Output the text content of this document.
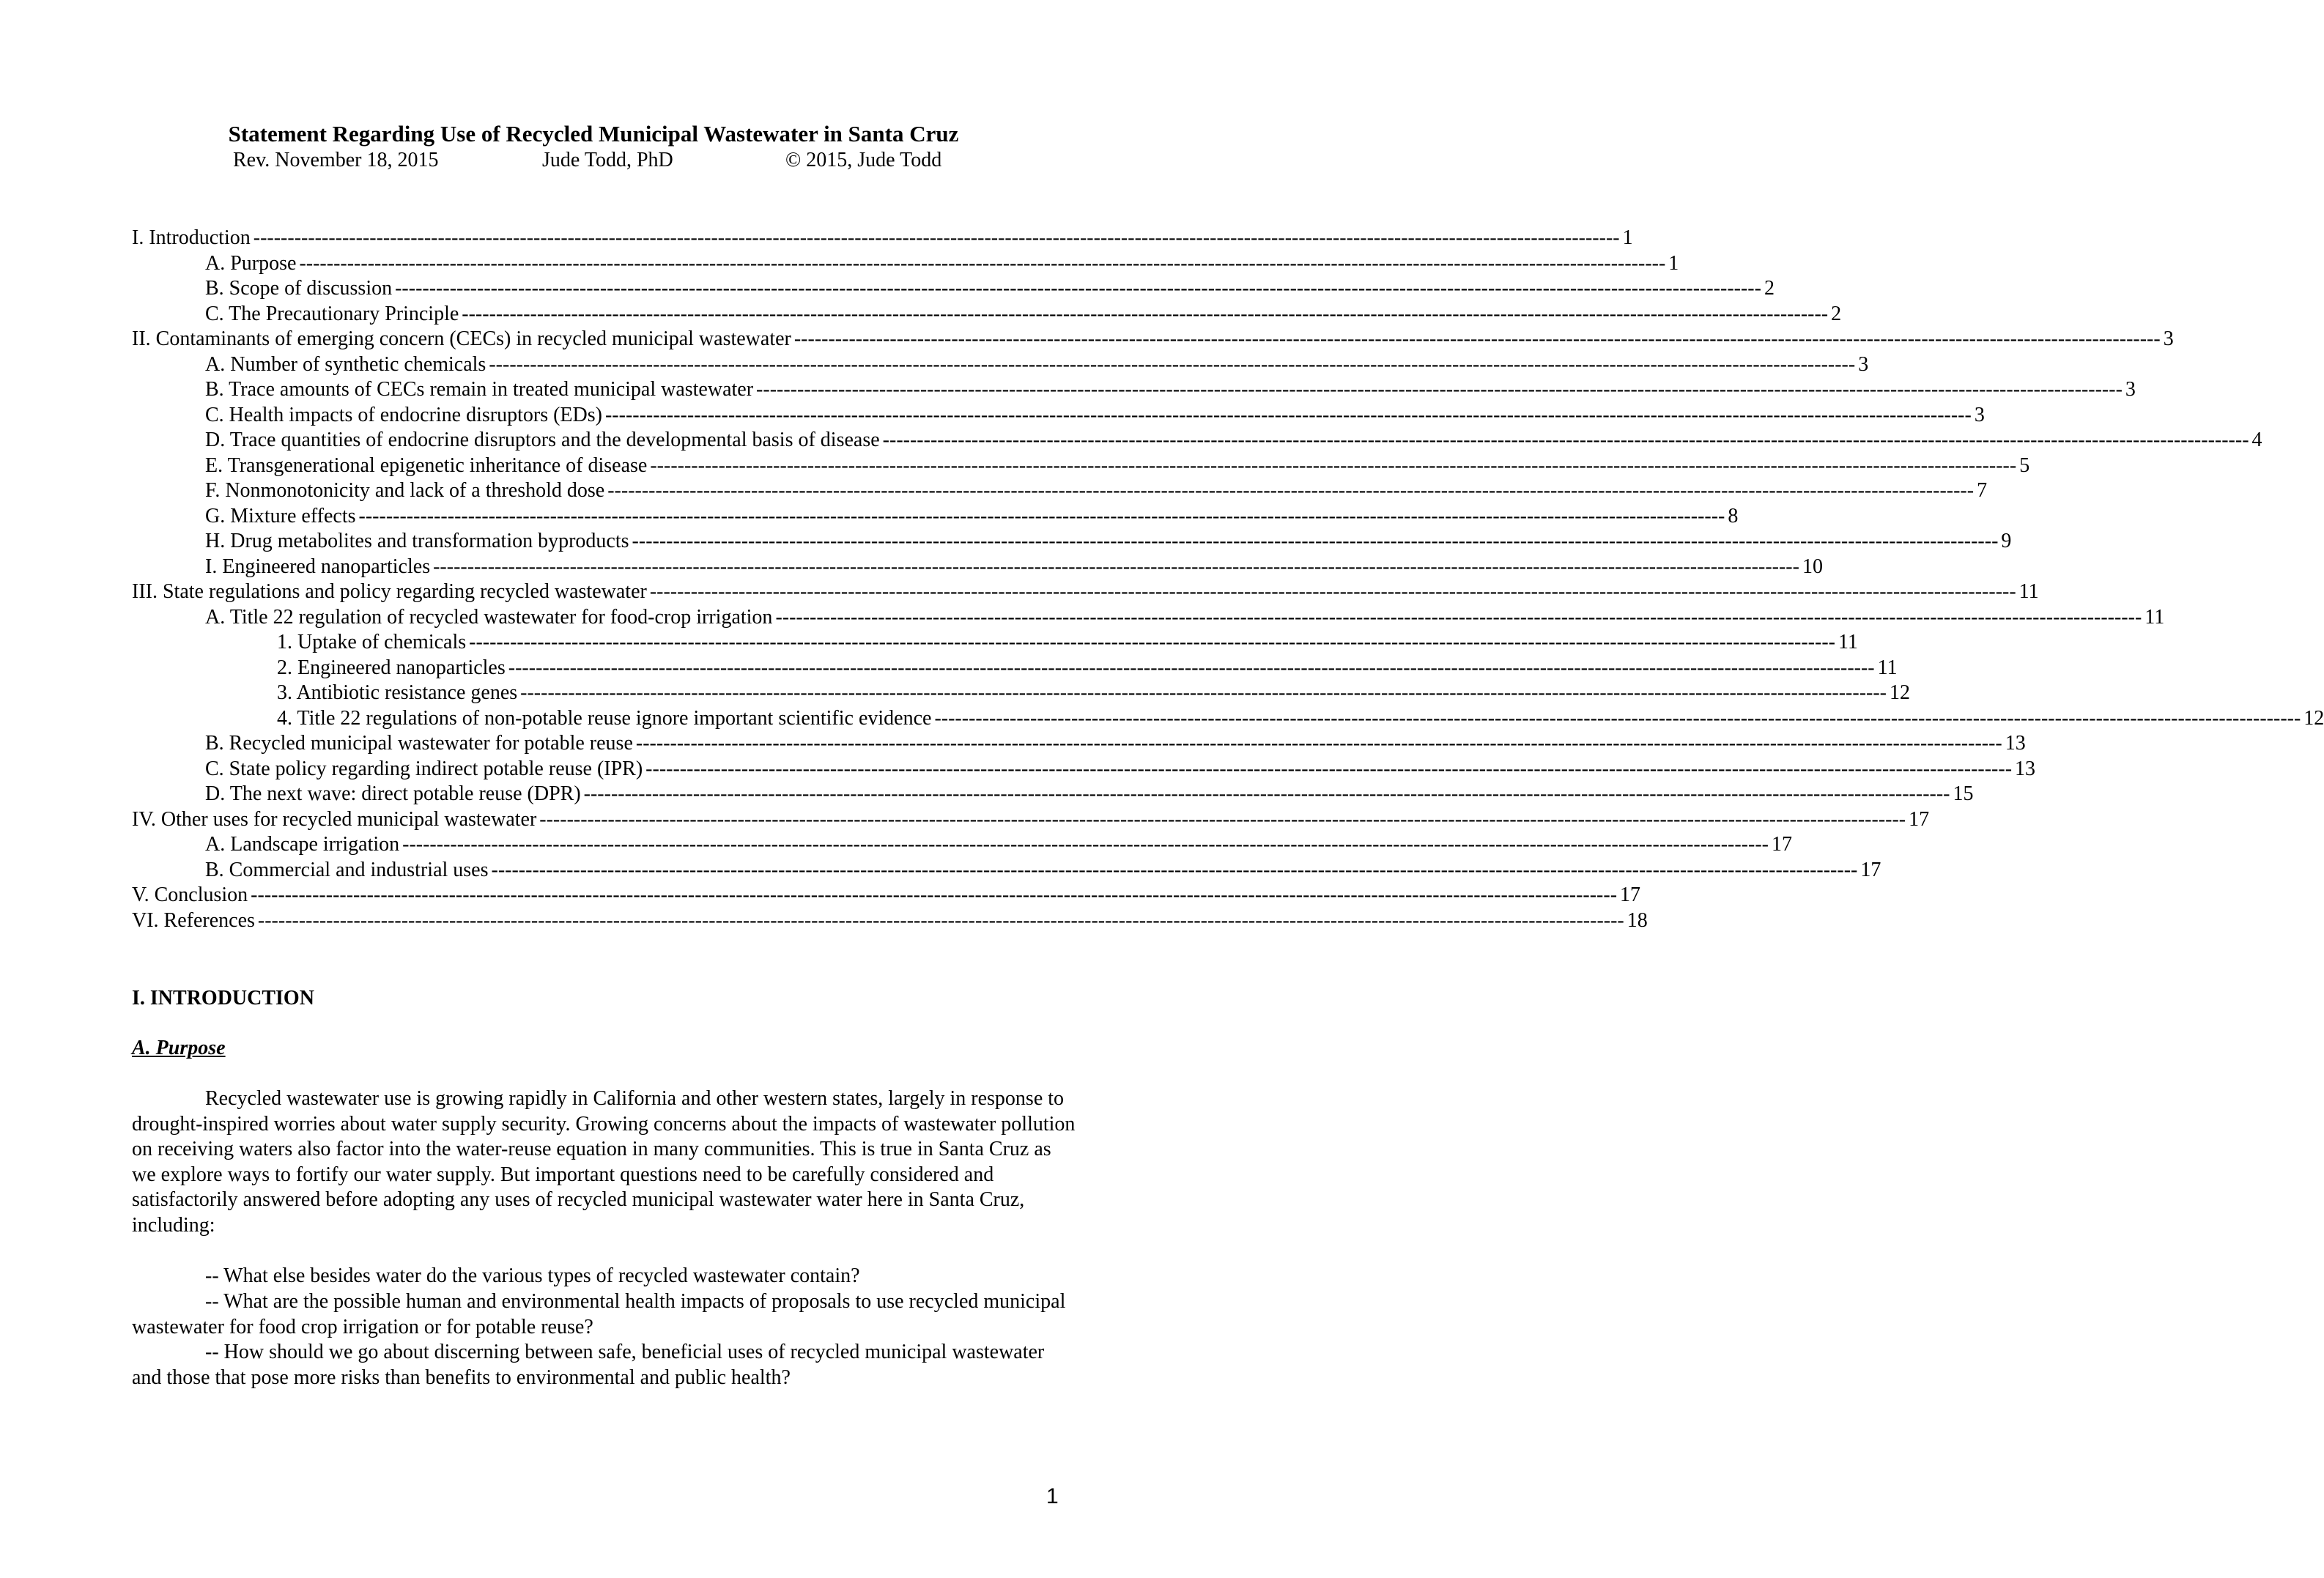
Statement Regarding Use of Recycled Municipal Wastewater in Santa Cruz
Rev. November 18, 2015	Jude Todd, PhD	© 2015, Jude Todd
I. Introduction -------------------------------------------------------------------------------------------------------------------------------------------------------------------------------------------------------- 1
A. Purpose -------------------------------------------------------------------------------------------------------------------------------------------------------------------------------------------------------- 1
B. Scope of discussion -------------------------------------------------------------------------------------------------------------------------------------------------------------------------------------------------------- 2
C. The Precautionary Principle -------------------------------------------------------------------------------------------------------------------------------------------------------------------------------------------------------- 2
II. Contaminants of emerging concern (CECs) in recycled municipal wastewater -------------------------------------------------------------------------------------------------------------------------------------------------------------------------------------------------------- 3
A. Number of synthetic chemicals -------------------------------------------------------------------------------------------------------------------------------------------------------------------------------------------------------- 3
B. Trace amounts of CECs remain in treated municipal wastewater -------------------------------------------------------------------------------------------------------------------------------------------------------------------------------------------------------- 3
C. Health impacts of endocrine disruptors (EDs) -------------------------------------------------------------------------------------------------------------------------------------------------------------------------------------------------------- 3
D. Trace quantities of endocrine disruptors and the developmental basis of disease -------------------------------------------------------------------------------------------------------------------------------------------------------------------------------------------------------- 4
E. Transgenerational epigenetic inheritance of disease -------------------------------------------------------------------------------------------------------------------------------------------------------------------------------------------------------- 5
F. Nonmonotonicity and lack of a threshold dose -------------------------------------------------------------------------------------------------------------------------------------------------------------------------------------------------------- 7
G. Mixture effects -------------------------------------------------------------------------------------------------------------------------------------------------------------------------------------------------------- 8
H. Drug metabolites and transformation byproducts -------------------------------------------------------------------------------------------------------------------------------------------------------------------------------------------------------- 9
I. Engineered nanoparticles -------------------------------------------------------------------------------------------------------------------------------------------------------------------------------------------------------- 10
III. State regulations and policy regarding recycled wastewater -------------------------------------------------------------------------------------------------------------------------------------------------------------------------------------------------------- 11
A. Title 22 regulation of recycled wastewater for food-crop irrigation -------------------------------------------------------------------------------------------------------------------------------------------------------------------------------------------------------- 11
1. Uptake of chemicals -------------------------------------------------------------------------------------------------------------------------------------------------------------------------------------------------------- 11
2. Engineered nanoparticles -------------------------------------------------------------------------------------------------------------------------------------------------------------------------------------------------------- 11
3. Antibiotic resistance genes -------------------------------------------------------------------------------------------------------------------------------------------------------------------------------------------------------- 12
4. Title 22 regulations of non-potable reuse ignore important scientific evidence -------------------------------------------------------------------------------------------------------------------------------------------------------------------------------------------------------- 12
B. Recycled municipal wastewater for potable reuse -------------------------------------------------------------------------------------------------------------------------------------------------------------------------------------------------------- 13
C. State policy regarding indirect potable reuse (IPR) -------------------------------------------------------------------------------------------------------------------------------------------------------------------------------------------------------- 13
D. The next wave: direct potable reuse (DPR) -------------------------------------------------------------------------------------------------------------------------------------------------------------------------------------------------------- 15
IV. Other uses for recycled municipal wastewater -------------------------------------------------------------------------------------------------------------------------------------------------------------------------------------------------------- 17
A. Landscape irrigation -------------------------------------------------------------------------------------------------------------------------------------------------------------------------------------------------------- 17
B. Commercial and industrial uses -------------------------------------------------------------------------------------------------------------------------------------------------------------------------------------------------------- 17
V. Conclusion -------------------------------------------------------------------------------------------------------------------------------------------------------------------------------------------------------- 17
VI. References -------------------------------------------------------------------------------------------------------------------------------------------------------------------------------------------------------- 18
I. INTRODUCTION
A. Purpose

Recycled wastewater use is growing rapidly in California and other western states, largely in response to drought-inspired worries about water supply security. Growing concerns about the impacts of wastewater pollution on receiving waters also factor into the water-reuse equation in many communities. This is true in Santa Cruz as we explore ways to fortify our water supply. But important questions need to be carefully considered and satisfactorily answered before adopting any uses of recycled municipal wastewater water here in Santa Cruz, including:

-- What else besides water do the various types of recycled wastewater contain?

-- What are the possible human and environmental health impacts of proposals to use recycled municipal wastewater for food crop irrigation or for potable reuse?

-- How should we go about discerning between safe, beneficial uses of recycled municipal wastewater and those that pose more risks than benefits to environmental and public health?

1
